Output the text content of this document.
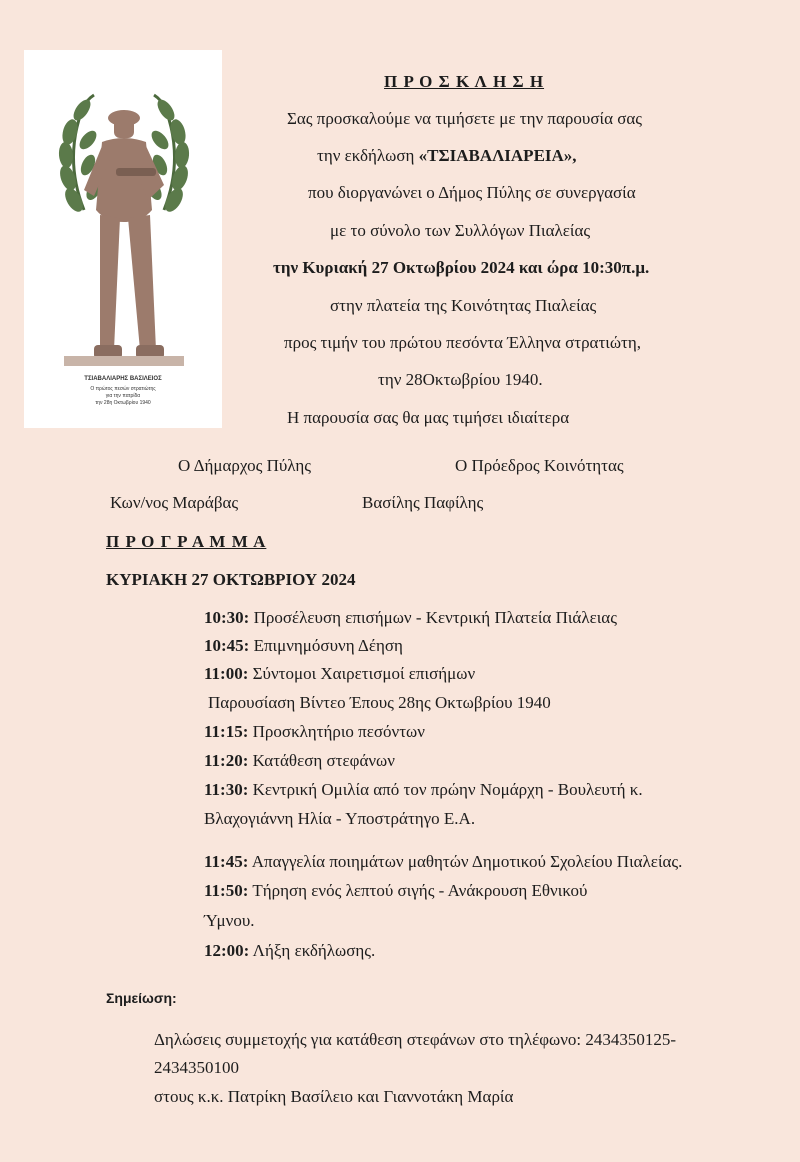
ΤΣΙΑΒΑΛΙΑΡΗΣ ΒΑΣΙΛΕΙΟΣ
Ο πρώτος πεσών στρατιώτης
για την πατρίδα
την 28η Οκτωβρίου 1940
Π Ρ Ο Σ Κ Λ Η Σ Η
Σας προσκαλούμε να τιμήσετε με την παρουσία σας
την εκδήλωση «ΤΣΙΑΒΑΛΙΑΡΕΙΑ»,
που διοργανώνει ο Δήμος Πύλης σε συνεργασία
με το σύνολο των Συλλόγων Πιαλείας
την Κυριακή 27 Οκτωβρίου 2024 και ώρα 10:30π.μ.
στην πλατεία της Κοινότητας Πιαλείας
προς τιμήν του πρώτου πεσόντα Έλληνα στρατιώτη,
την 28Οκτωβρίου 1940.
Η παρουσία σας θα μας τιμήσει ιδιαίτερα
Ο Δήμαρχος Πύλης	Ο Πρόεδρος Κοινότητας
Κων/νος Μαράβας	Βασίλης Παφίλης
Π Ρ Ο Γ Ρ Α Μ Μ Α
ΚΥΡΙΑΚΗ 27 ΟΚΤΩΒΡΙΟΥ 2024
10:30: Προσέλευση επισήμων - Κεντρική Πλατεία Πιάλειας
10:45: Επιμνημόσυνη Δέηση
11:00: Σύντομοι Χαιρετισμοί επισήμων
Παρουσίαση Βίντεο Έπους 28ης Οκτωβρίου 1940
11:15: Προσκλητήριο πεσόντων
11:20: Κατάθεση στεφάνων
11:30: Κεντρική Ομιλία από τον πρώην Νομάρχη - Βουλευτή κ.
Βλαχογιάννη Ηλία - Υποστράτηγο Ε.Α.
11:45: Απαγγελία ποιημάτων μαθητών Δημοτικού Σχολείου Πιαλείας.
11:50: Τήρηση ενός λεπτού σιγής - Ανάκρουση Εθνικού
Ύμνου.
12:00: Λήξη εκδήλωσης.
Σημείωση:
Δηλώσεις συμμετοχής για κατάθεση στεφάνων στο τηλέφωνο: 2434350125-
2434350100
στους κ.κ. Πατρίκη Βασίλειο και Γιαννοτάκη Μαρία
